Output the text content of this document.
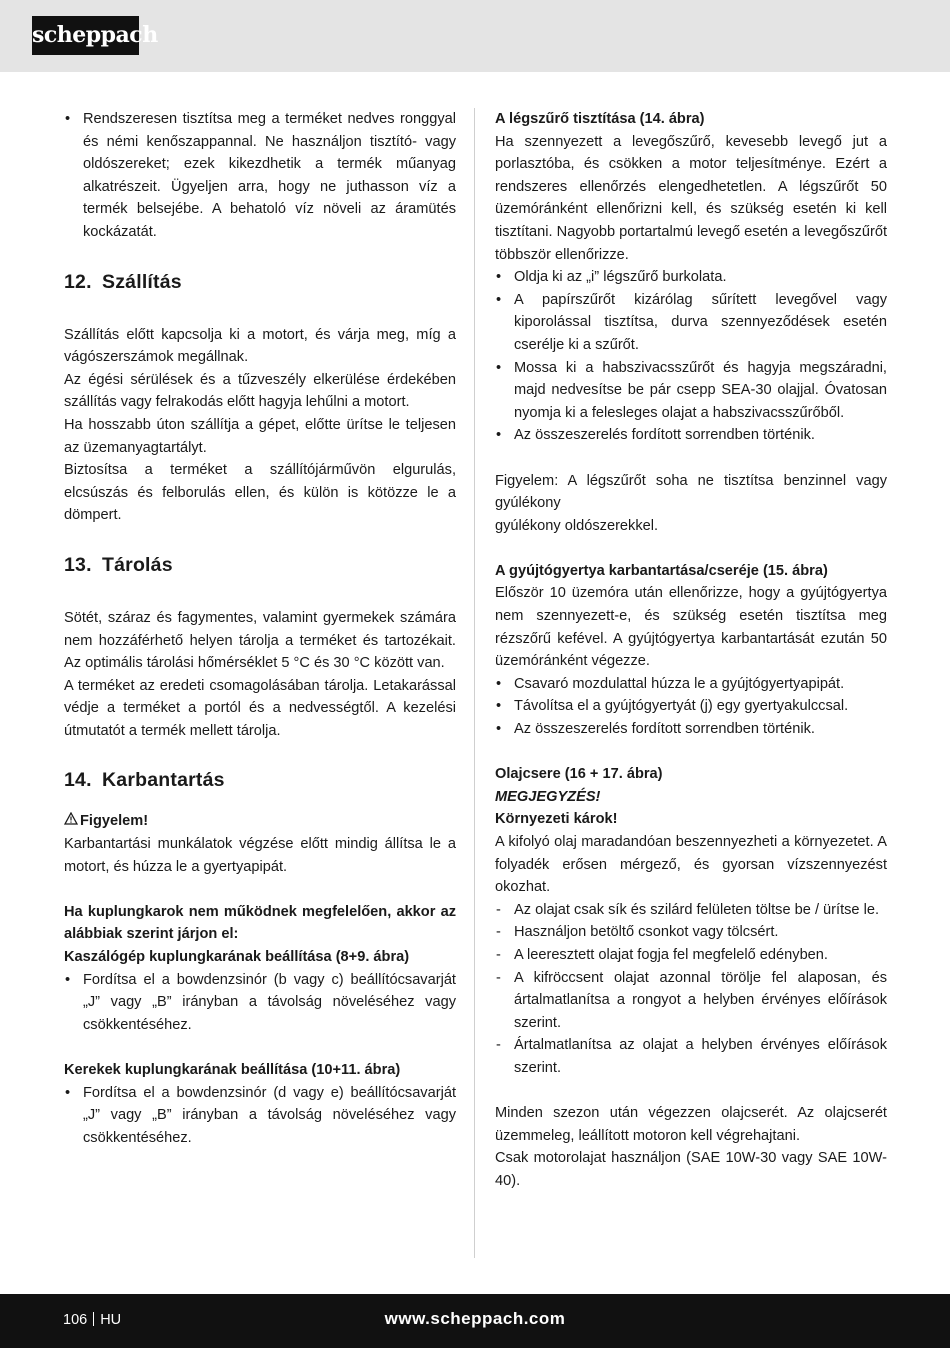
scheppach
• Rendszeresen tisztítsa meg a terméket nedves ronggyal és némi kenőszappannal. Ne használjon tisztító- vagy oldószereket; ezek kikezdhetik a termék műanyag alkatrészeit. Ügyeljen arra, hogy ne juthasson víz a termék belsejébe. A behatoló víz növeli az áramütés kockázatát.
12. Szállítás

Szállítás előtt kapcsolja ki a motort, és várja meg, míg a vágószerszámok megállnak.

Az égési sérülések és a tűzveszély elkerülése érdekében szállítás vagy felrakodás előtt hagyja lehűlni a motort.

Ha hosszabb úton szállítja a gépet, előtte ürítse le teljesen az üzemanyagtartályt.

Biztosítsa a terméket a szállítójárművön elgurulás, elcsúszás és felborulás ellen, és külön is kötözze le a dömpert.

13. Tárolás

Sötét, száraz és fagymentes, valamint gyermekek számára nem hozzáférhető helyen tárolja a terméket és tartozékait. Az optimális tárolási hőmérséklet 5 °C és 30 °C között van.

A terméket az eredeti csomagolásában tárolja. Letakarással védje a terméket a portól és a nedvességtől. A kezelési útmutatót a termék mellett tárolja.

14. Karbantartás

Figyelem!

Karbantartási munkálatok végzése előtt mindig állítsa le a motort, és húzza le a gyertyapipát.

Ha kuplungkarok nem működnek megfelelően, akkor az alábbiak szerint járjon el:

Kaszálógép kuplungkarának beállítása (8+9. ábra)

• Fordítsa el a bowdenzsinór (b vagy c) beállítócsavarját „J” vagy „B” irányban a távolság növeléséhez vagy csökkentéséhez.

Kerekek kuplungkarának beállítása (10+11. ábra)

• Fordítsa el a bowdenzsinór (d vagy e) beállítócsavarját „J” vagy „B” irányban a távolság növeléséhez vagy csökkentéséhez.

A légszűrő tisztítása (14. ábra)

Ha szennyezett a levegőszűrő, kevesebb levegő jut a porlasztóba, és csökken a motor teljesítménye. Ezért a rendszeres ellenőrzés elengedhetetlen. A légszűrőt 50 üzemóránként ellenőrizni kell, és szükség esetén ki kell tisztítani. Nagyobb portartalmú levegő esetén a levegőszűrőt többször ellenőrizze.

• Oldja ki az „i” légszűrő burkolata.
• A papírszűrőt kizárólag sűrített levegővel vagy kiporolással tisztítsa, durva szennyeződések esetén cserélje ki a szűrőt.
• Mossa ki a habszivacsszűrőt és hagyja megszáradni, majd nedvesítse be pár csepp SEA-30 olajjal. Óvatosan nyomja ki a felesleges olajat a habszivacsszűrőből.
• Az összeszerelés fordított sorrendben történik.

Figyelem: A légszűrőt soha ne tisztítsa benzinnel vagy gyúlékony

gyúlékony oldószerekkel.

A gyújtógyertya karbantartása/cseréje (15. ábra)

Először 10 üzemóra után ellenőrizze, hogy a gyújtógyertya nem szennyezett-e, és szükség esetén tisztítsa meg rézszőrű kefével. A gyújtógyertya karbantartását ezután 50 üzemóránként végezze.

• Csavaró mozdulattal húzza le a gyújtógyertyapipát.
• Távolítsa el a gyújtógyertyát (j) egy gyertyakulccsal.
• Az összeszerelés fordított sorrendben történik.

Olajcsere (16 + 17. ábra)

MEGJEGYZÉS!

Környezeti károk!

A kifolyó olaj maradandóan beszennyezheti a környezetet. A folyadék erősen mérgező, és gyorsan vízszennyezést okozhat.

- Az olajat csak sík és szilárd felületen töltse be / ürítse le.
- Használjon betöltő csonkot vagy tölcsért.
- A leeresztett olajat fogja fel megfelelő edényben.
- A kifröccsent olajat azonnal törölje fel alaposan, és ártalmatlanítsa a rongyot a helyben érvényes előírások szerint.
- Ártalmatlanítsa az olajat a helyben érvényes előírások szerint.

Minden szezon után végezzen olajcserét. Az olajcserét üzemmeleg, leállított motoron kell végrehajtani.

Csak motorolajat használjon (SAE 10W-30 vagy SAE 10W-40).

106 HU	www.scheppach.com
